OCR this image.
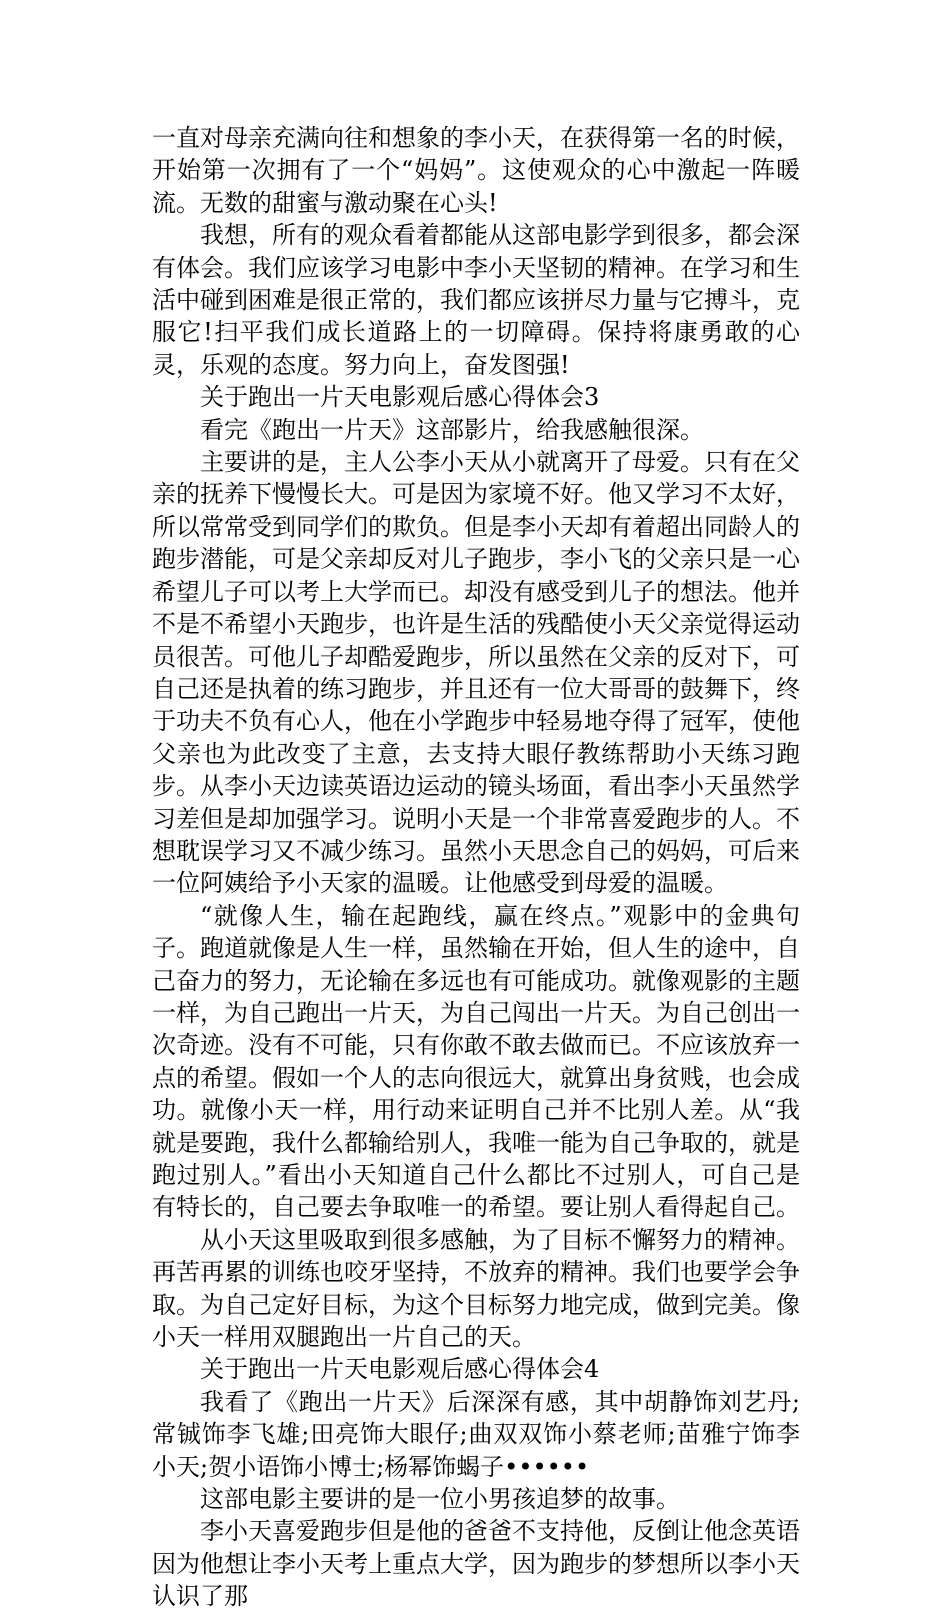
一直对母亲充满向往和想象的李小天，在获得第一名的时候，开始第一次拥有了一个“妈妈”。这使观众的心中激起一阵暖流。无数的甜蜜与激动聚在心头!

我想，所有的观众看着都能从这部电影学到很多，都会深有体会。我们应该学习电影中李小天坚韧的精神。在学习和生活中碰到困难是很正常的，我们都应该拼尽力量与它搏斗，克服它!扫平我们成长道路上的一切障碍。保持将康勇敢的心灵，乐观的态度。努力向上，奋发图强!

关于跑出一片天电影观后感心得体会3

看完《跑出一片天》这部影片，给我感触很深。

主要讲的是，主人公李小天从小就离开了母爱。只有在父亲的抚养下慢慢长大。可是因为家境不好。他又学习不太好，所以常常受到同学们的欺负。但是李小天却有着超出同龄人的跑步潜能，可是父亲却反对儿子跑步，李小飞的父亲只是一心希望儿子可以考上大学而已。却没有感受到儿子的想法。他并不是不希望小天跑步，也许是生活的残酷使小天父亲觉得运动员很苦。可他儿子却酷爱跑步，所以虽然在父亲的反对下，可自己还是执着的练习跑步，并且还有一位大哥哥的鼓舞下，终于功夫不负有心人，他在小学跑步中轻易地夺得了冠军，使他父亲也为此改变了主意，去支持大眼仔教练帮助小天练习跑步。从李小天边读英语边运动的镜头场面，看出李小天虽然学习差但是却加强学习。说明小天是一个非常喜爱跑步的人。不想耽误学习又不减少练习。虽然小天思念自己的妈妈，可后来一位阿姨给予小天家的温暖。让他感受到母爱的温暖。

“就像人生，输在起跑线，赢在终点。”观影中的金典句子。跑道就像是人生一样，虽然输在开始，但人生的途中，自己奋力的努力，无论输在多远也有可能成功。就像观影的主题一样，为自己跑出一片天，为自己闯出一片天。为自己创出一次奇迹。没有不可能，只有你敢不敢去做而已。不应该放弃一点的希望。假如一个人的志向很远大，就算出身贫贱，也会成功。就像小天一样，用行动来证明自己并不比别人差。从“我就是要跑，我什么都输给别人，我唯一能为自己争取的，就是跑过别人。”看出小天知道自己什么都比不过别人，可自己是有特长的，自己要去争取唯一的希望。要让别人看得起自己。

从小天这里吸取到很多感触，为了目标不懈努力的精神。再苦再累的训练也咬牙坚持，不放弃的精神。我们也要学会争取。为自己定好目标，为这个目标努力地完成，做到完美。像小天一样用双腿跑出一片自己的天。

关于跑出一片天电影观后感心得体会4

我看了《跑出一片天》后深深有感，其中胡静饰刘艺丹;常铖饰李飞雄;田亮饰大眼仔;曲双双饰小蔡老师;苗雅宁饰李小天;贺小语饰小博士;杨幂饰蝎子••••••

这部电影主要讲的是一位小男孩追梦的故事。

李小天喜爱跑步但是他的爸爸不支持他，反倒让他念英语因为他想让李小天考上重点大学，因为跑步的梦想所以李小天认识了那
